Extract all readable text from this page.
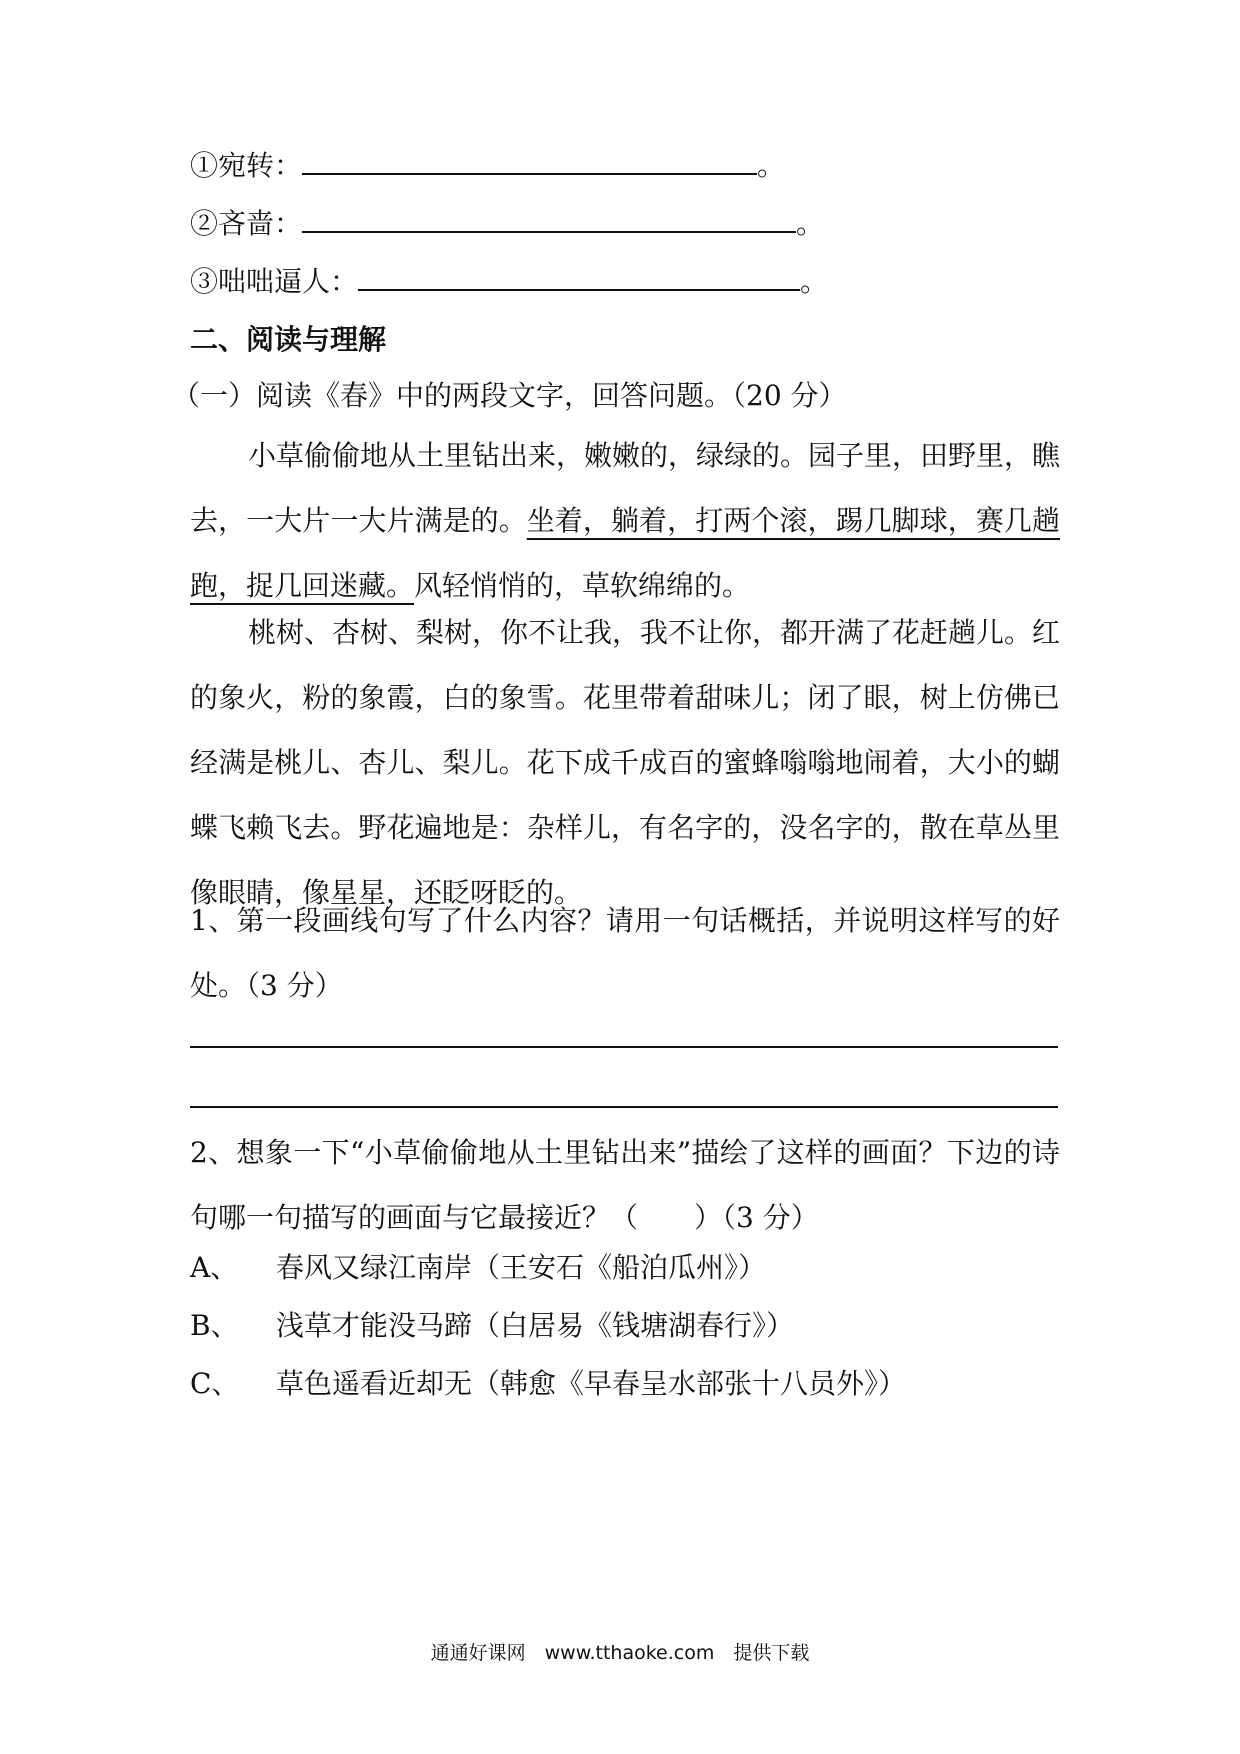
①宛转：	。
②吝啬：	。
③咄咄逼人：	。
二、阅读与理解
（一）阅读《春》中的两段文字，回答问题。（20 分）
小草偷偷地从土里钻出来，嫩嫩的，绿绿的。园子里，田野里，瞧去，一大片一大片满是的。坐着，躺着，打两个滚，踢几脚球，赛几趟跑，捉几回迷藏。风轻悄悄的，草软绵绵的。
桃树、杏树、梨树，你不让我，我不让你，都开满了花赶趟儿。红的象火，粉的象霞，白的象雪。花里带着甜味儿；闭了眼，树上仿佛已经满是桃儿、杏儿、梨儿。花下成千成百的蜜蜂嗡嗡地闹着，大小的蝴蝶飞赖飞去。野花遍地是：杂样儿，有名字的，没名字的，散在草丛里像眼睛，像星星，还眨呀眨的。
1、第一段画线句写了什么内容？请用一句话概括，并说明这样写的好处。（3 分）
2、想象一下“小草偷偷地从土里钻出来”描绘了这样的画面？下边的诗句哪一句描写的画面与它最接近？（　　）（3 分）
A、 春风又绿江南岸（王安石《船泊瓜州》）
B、 浅草才能没马蹄（白居易《钱塘湖春行》）
C、 草色遥看近却无（韩愈《早春呈水部张十八员外》）
通通好课网　www.tthaoke.com　提供下载
